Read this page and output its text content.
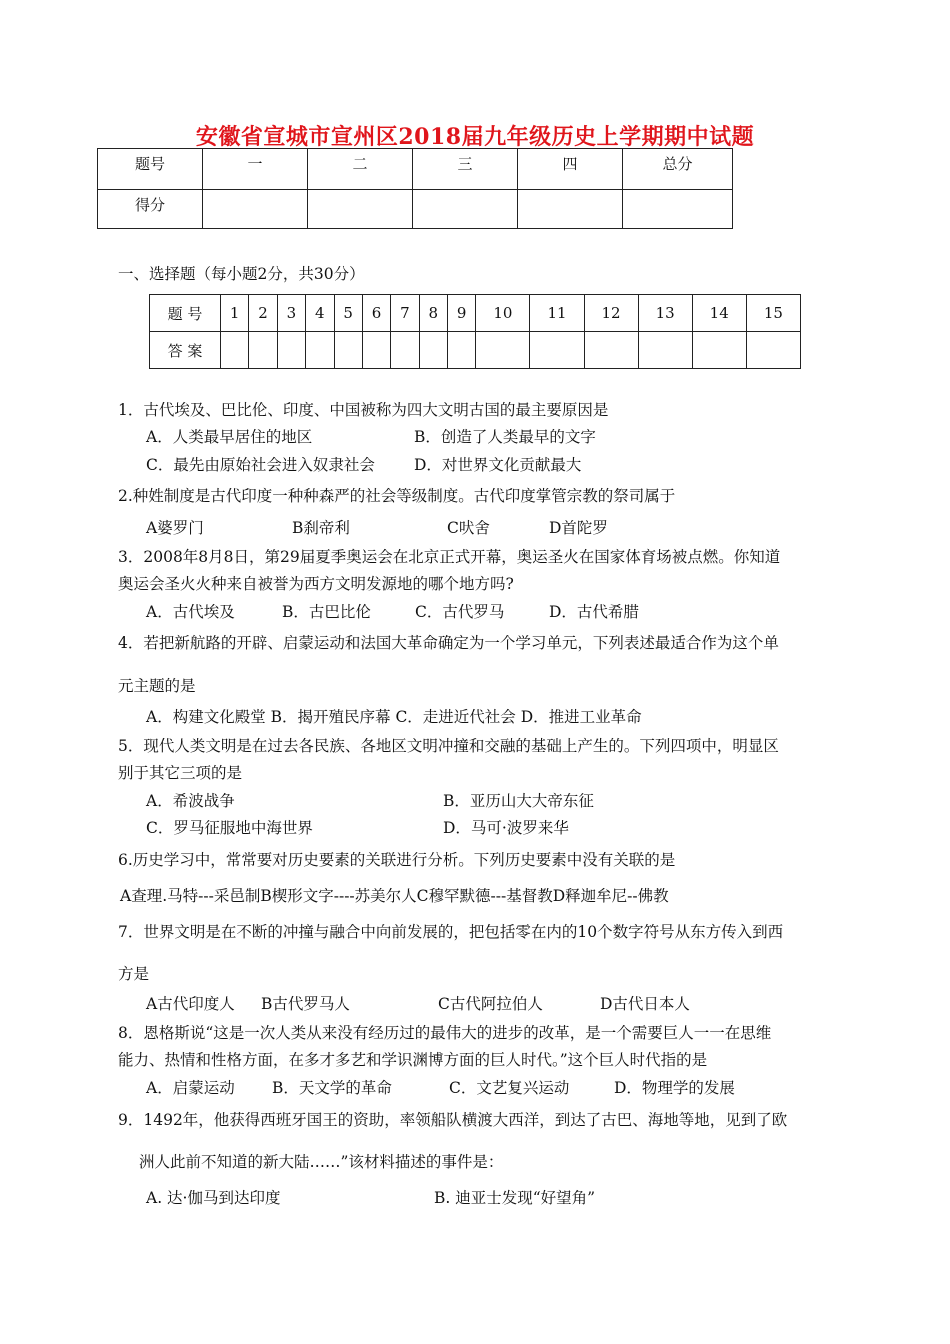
安徽省宣城市宣州区2018届九年级历史上学期期中试题
题号	一	二	三	四	总分
得分					
一、选择题（每小题2分，共30分）
题 号	1	2	3	4	5	6	7	8	9	10	11	12	13	14	15
答 案															
1．古代埃及、巴比伦、印度、中国被称为四大文明古国的最主要原因是
A．人类最早居住的地区	B．创造了人类最早的文字
C．最先由原始社会进入奴隶社会	D．对世界文化贡献最大
2.种姓制度是古代印度一种种森严的社会等级制度。古代印度掌管宗教的祭司属于
A婆罗门	B刹帝利	C吠舍	D首陀罗
3．2008年8月8日，第29届夏季奥运会在北京正式开幕，奥运圣火在国家体育场被点燃。你知道
奥运会圣火火种来自被誉为西方文明发源地的哪个地方吗?
A．古代埃及	B．古巴比伦	C．古代罗马	D．古代希腊
4．若把新航路的开辟、启蒙运动和法国大革命确定为一个学习单元，下列表述最适合作为这个单
元主题的是
A．构建文化殿堂 B．揭开殖民序幕 C．走进近代社会 D．推进工业革命
5．现代人类文明是在过去各民族、各地区文明冲撞和交融的基础上产生的。下列四项中，明显区
别于其它三项的是
A．希波战争	B．亚历山大大帝东征
C．罗马征服地中海世界	D．马可·波罗来华
6.历史学习中，常常要对历史要素的关联进行分析。下列历史要素中没有关联的是
A查理.马特---采邑制B楔形文字----苏美尔人C穆罕默德---基督教D释迦牟尼--佛教
7．世界文明是在不断的冲撞与融合中向前发展的，把包括零在内的10个数字符号从东方传入到西
方是
A古代印度人 B古代罗马人	C古代阿拉伯人	D古代日本人
8．恩格斯说“这是一次人类从来没有经历过的最伟大的进步的改革，是一个需要巨人一一在思维
能力、热情和性格方面，在多才多艺和学识渊博方面的巨人时代。”这个巨人时代指的是
A．启蒙运动 B．天文学的革命	C．文艺复兴运动	D．物理学的发展
9．1492年，他获得西班牙国王的资助，率领船队横渡大西洋，到达了古巴、海地等地，见到了欧
洲人此前不知道的新大陆……”该材料描述的事件是：
A. 达·伽马到达印度	B. 迪亚士发现“好望角”
